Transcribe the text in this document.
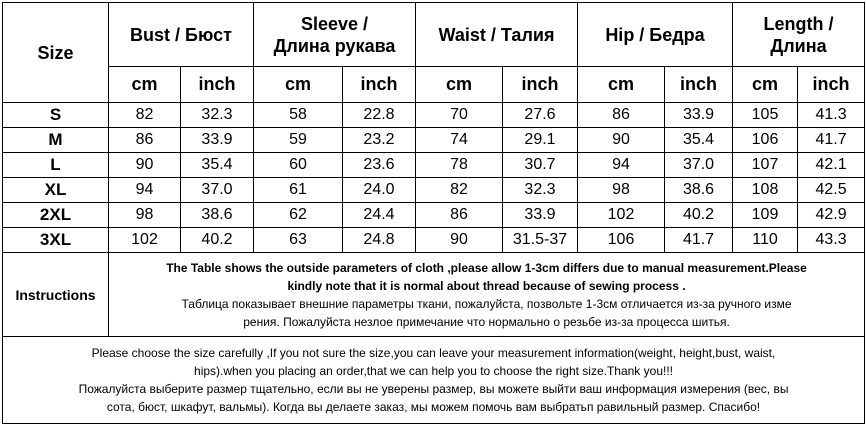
Size	Bust / Бюст		Sleeve /
Длина рукава		Waist / Талия		Hip / Бедра		Length / Длина	
	cm	inch	cm	inch	cm	inch	cm	inch	cm	inch
S	82	32.3	58	22.8	70	27.6	86	33.9	105	41.3
M	86	33.9	59	23.2	74	29.1	90	35.4	106	41.7
L	90	35.4	60	23.6	78	30.7	94	37.0	107	42.1
XL	94	37.0	61	24.0	82	32.3	98	38.6	108	42.5
2XL	98	38.6	62	24.4	86	33.9	102	40.2	109	42.9
3XL	102	40.2	63	24.8	90	31.5-37	106	41.7	110	43.3
Instructions	The Table shows the outside parameters of cloth ,please allow 1-3cm differs due to manual measurement.Please
kindly note that it is normal about thread because of sewing process .
Таблица показывает внешние параметры ткани, пожалуйста, позвольте 1-3см отличается из-за ручного изме
рения. Пожалуйста незлое примечание что нормально о резьбе из-за процесса шитья.									

Please choose the size carefully ,If you not sure the size,you can leave your measurement information(weight, height,bust, waist,
hips).when you placing an order,that we can help you to choose the right size.Thank you!!!
Пожалуйста выберите размер тщательно, если вы не уверены размер, вы можете выйти ваш информация измерения (вес, вы
сота, бюст, шкафут, вальмы). Когда вы делаете заказ, мы можем помочь вам выбратьп равильный размер. Спасибо!										
